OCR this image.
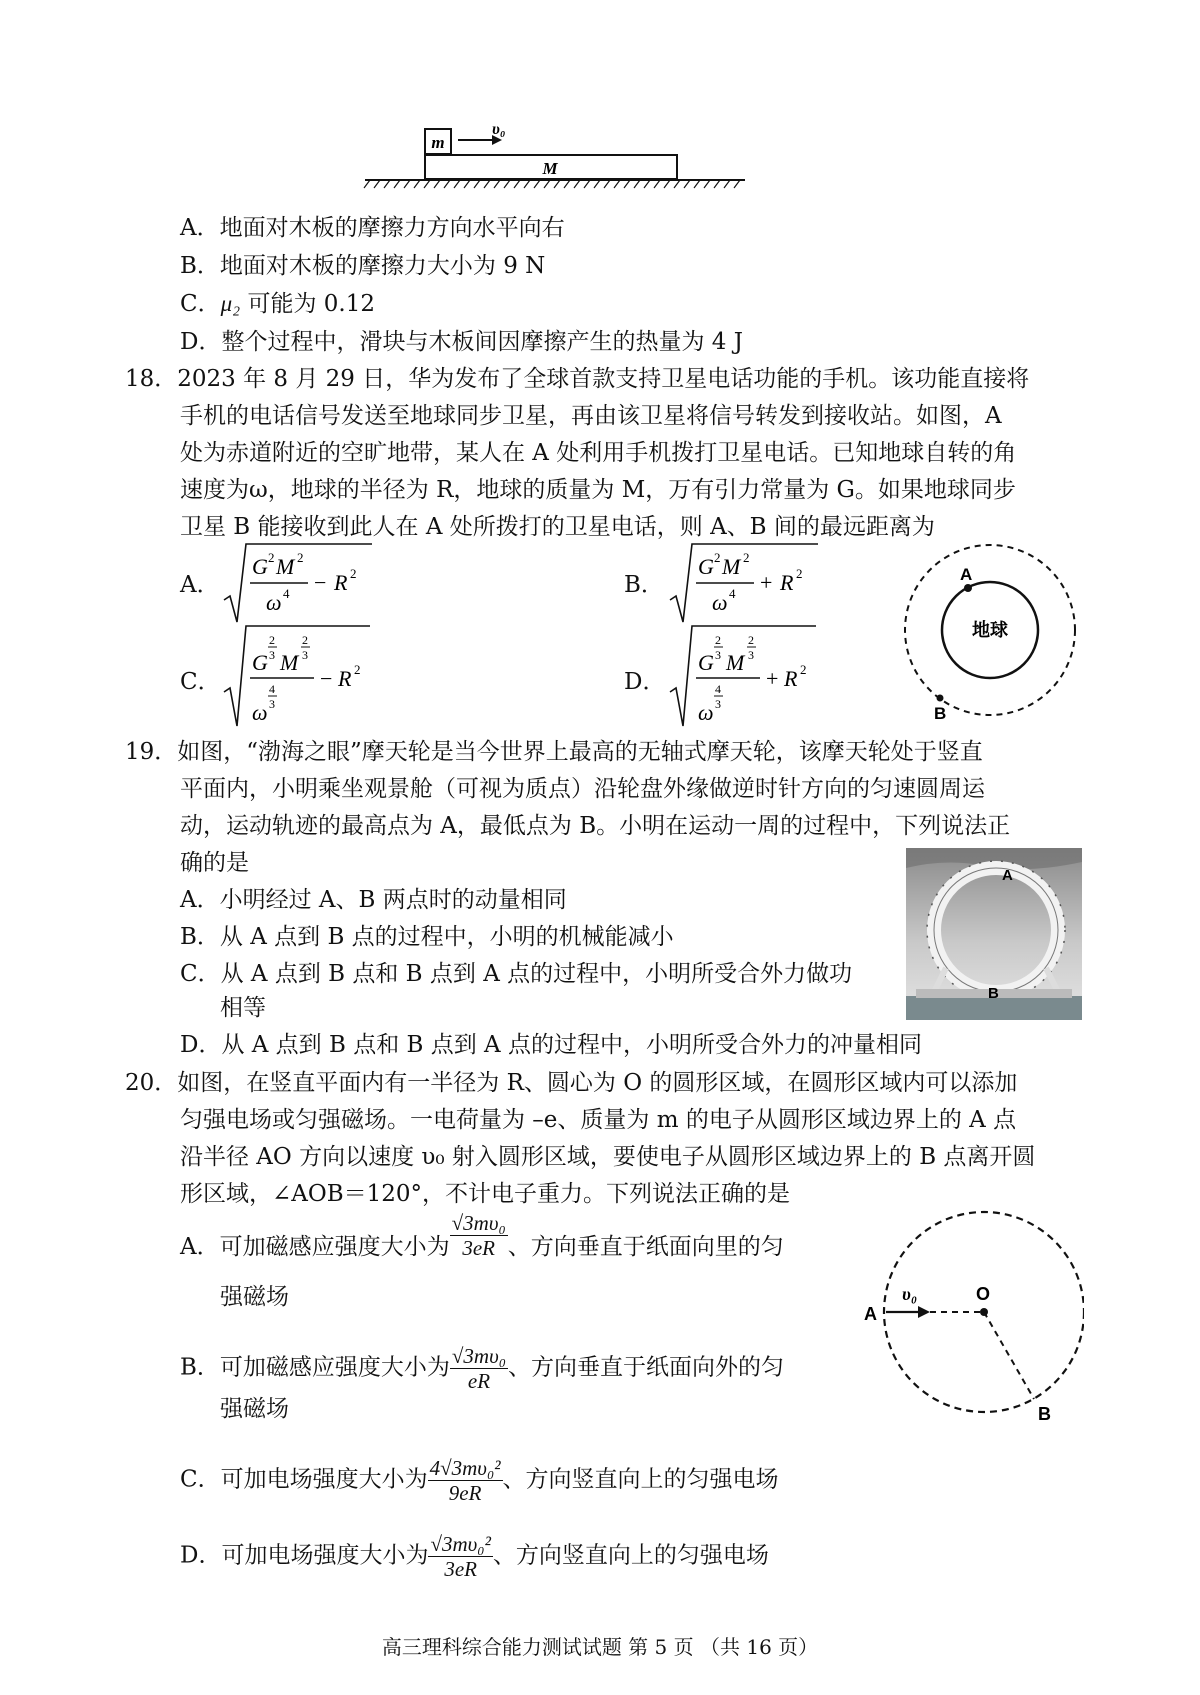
m
υ₀
M
A．地面对木板的摩擦力方向水平向右
B．地面对木板的摩擦力大小为 9 N
C．μ₂ 可能为 0.12
D．整个过程中，滑块与木板间因摩擦产生的热量为 4 J
18．2023 年 8 月 29 日，华为发布了全球首款支持卫星电话功能的手机。该功能直接将
手机的电话信号发送至地球同步卫星，再由该卫星将信号转发到接收站。如图，A
处为赤道附近的空旷地带，某人在 A 处利用手机拨打卫星电话。已知地球自转的角
速度为ω，地球的半径为 R，地球的质量为 M，万有引力常量为 G。如果地球同步
卫星 B 能接收到此人在 A 处所拨打的卫星电话，则 A、B 间的最远距离为
A．
G 2 M 2
ω 4 − R 2	B．
G 2 M 2
ω 4 + R 2
C．
G
2
3 M
2
3
4
3
ω
− R 2	D．
G
2
3 M
2
3
4
3
ω
+ R 2
A
地球
B
19．如图，“渤海之眼”摩天轮是当今世界上最高的无轴式摩天轮，该摩天轮处于竖直
平面内，小明乘坐观景舱（可视为质点）沿轮盘外缘做逆时针方向的匀速圆周运
动，运动轨迹的最高点为 A，最低点为 B。小明在运动一周的过程中，下列说法正
确的是
A．小明经过 A、B 两点时的动量相同
B．从 A 点到 B 点的过程中，小明的机械能减小
C．从 A 点到 B 点和 B 点到 A 点的过程中，小明所受合外力做功
相等
D．从 A 点到 B 点和 B 点到 A 点的过程中，小明所受合外力的冲量相同
A
B
20．如图，在竖直平面内有一半径为 R、圆心为 O 的圆形区域，在圆形区域内可以添加
匀强电场或匀强磁场。一电荷量为 –e、质量为 m 的电子从圆形区域边界上的 A 点
沿半径 AO 方向以速度 υ₀ 射入圆形区域，要使电子从圆形区域边界上的 B 点离开圆
形区域，∠AOB＝120°，不计电子重力。下列说法正确的是
A．可加磁感应强度大小为 $\frac{\text{√3mυ₀}}{3eR}$ 、方向垂直于纸面向里的匀
强磁场
B．可加磁感应强度大小为 $\frac{\text{√3mυ₀}}{eR}$ 、方向垂直于纸面向外的匀
强磁场
C．可加电场强度大小为 $\frac{\text{4√3mυ₀²}}{9eR}$ 、方向竖直向上的匀强电场
D．可加电场强度大小为 $\frac{\text{√3mυ₀²}}{3eR}$ 、方向竖直向上的匀强电场
A
O
B
υ₀
高三理科综合能力测试试题 第 5 页 （共 16 页）
